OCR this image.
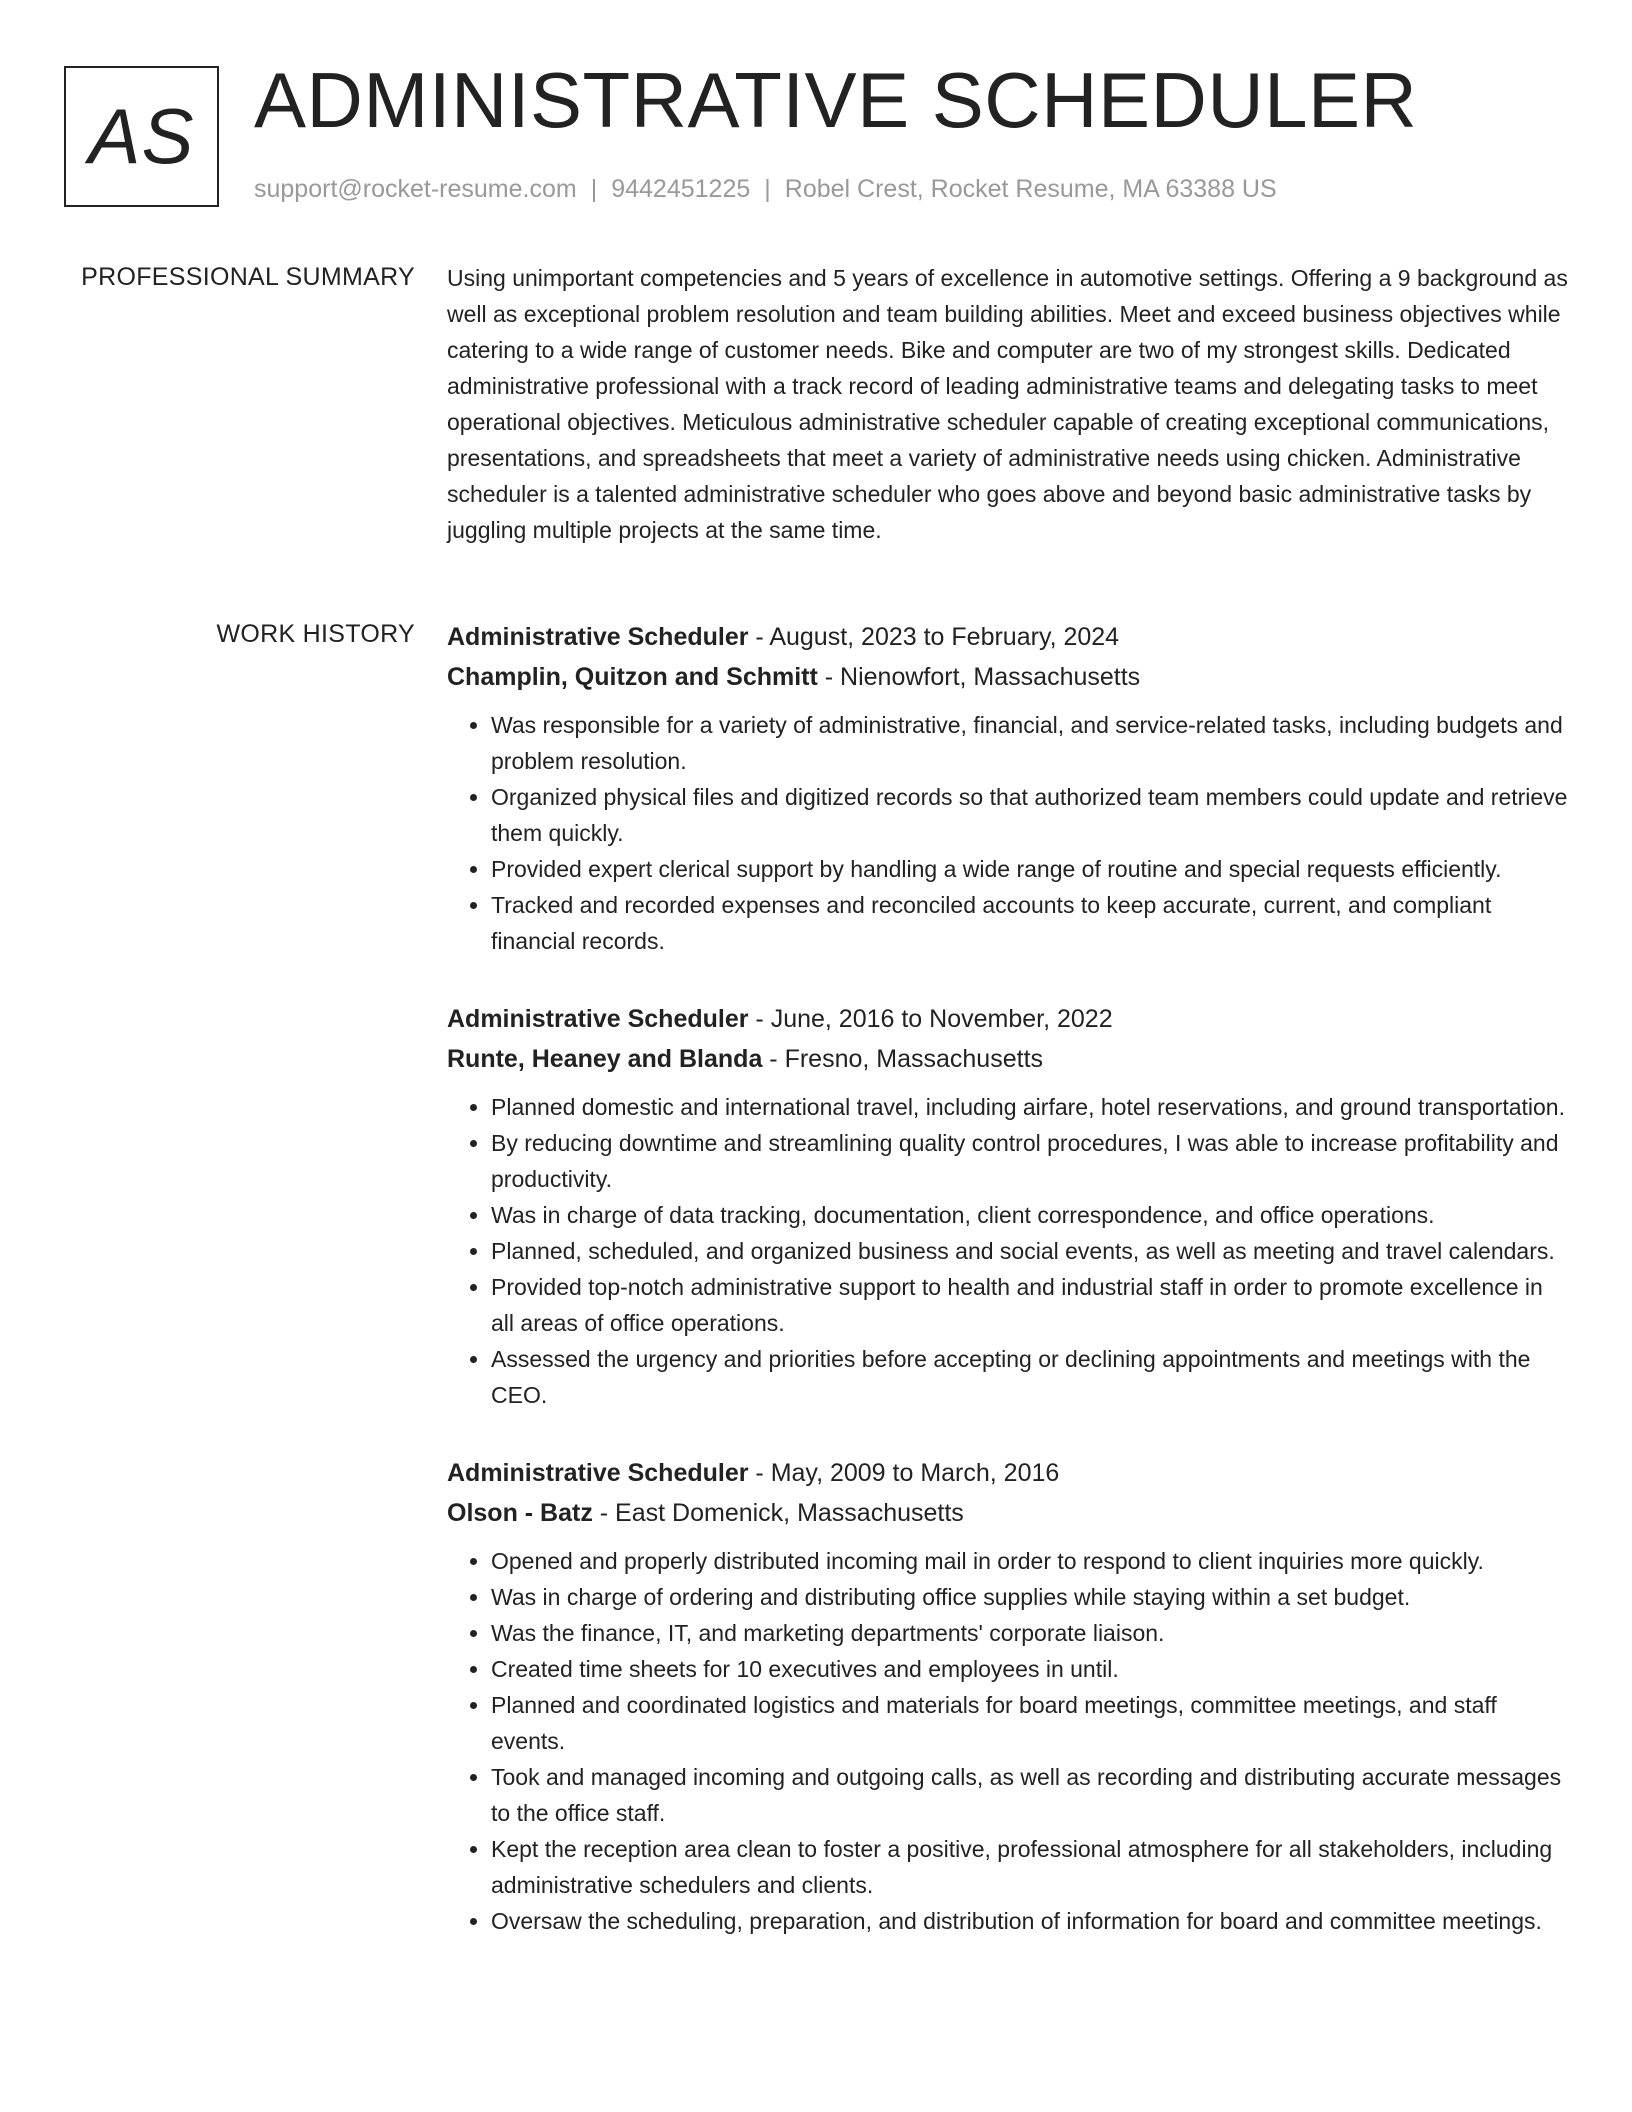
AS ADMINISTRATIVE SCHEDULER
support@rocket-resume.com | 9442451225 | Robel Crest, Rocket Resume, MA 63388 US
PROFESSIONAL SUMMARY Using unimportant competencies and 5 years of excellence in automotive settings. Offering a 9 background as well as exceptional problem resolution and team building abilities. Meet and exceed business objectives while catering to a wide range of customer needs. Bike and computer are two of my strongest skills. Dedicated administrative professional with a track record of leading administrative teams and delegating tasks to meet operational objectives. Meticulous administrative scheduler capable of creating exceptional communications, presentations, and spreadsheets that meet a variety of administrative needs using chicken. Administrative scheduler is a talented administrative scheduler who goes above and beyond basic administrative tasks by juggling multiple projects at the same time.
WORK HISTORY Administrative Scheduler - August, 2023 to February, 2024
Champlin, Quitzon and Schmitt - Nienowfort, Massachusetts
• Was responsible for a variety of administrative, financial, and service-related tasks, including budgets and problem resolution.
• Organized physical files and digitized records so that authorized team members could update and retrieve them quickly.
• Provided expert clerical support by handling a wide range of routine and special requests efficiently.
• Tracked and recorded expenses and reconciled accounts to keep accurate, current, and compliant financial records.
Administrative Scheduler - June, 2016 to November, 2022
Runte, Heaney and Blanda - Fresno, Massachusetts
• Planned domestic and international travel, including airfare, hotel reservations, and ground transportation.
• By reducing downtime and streamlining quality control procedures, I was able to increase profitability and productivity.
• Was in charge of data tracking, documentation, client correspondence, and office operations.
• Planned, scheduled, and organized business and social events, as well as meeting and travel calendars.
• Provided top-notch administrative support to health and industrial staff in order to promote excellence in all areas of office operations.
• Assessed the urgency and priorities before accepting or declining appointments and meetings with the CEO.
Administrative Scheduler - May, 2009 to March, 2016
Olson - Batz - East Domenick, Massachusetts
• Opened and properly distributed incoming mail in order to respond to client inquiries more quickly.
• Was in charge of ordering and distributing office supplies while staying within a set budget.
• Was the finance, IT, and marketing departments' corporate liaison.
• Created time sheets for 10 executives and employees in until.
• Planned and coordinated logistics and materials for board meetings, committee meetings, and staff events.
• Took and managed incoming and outgoing calls, as well as recording and distributing accurate messages to the office staff.
• Kept the reception area clean to foster a positive, professional atmosphere for all stakeholders, including administrative schedulers and clients.
• Oversaw the scheduling, preparation, and distribution of information for board and committee meetings.
